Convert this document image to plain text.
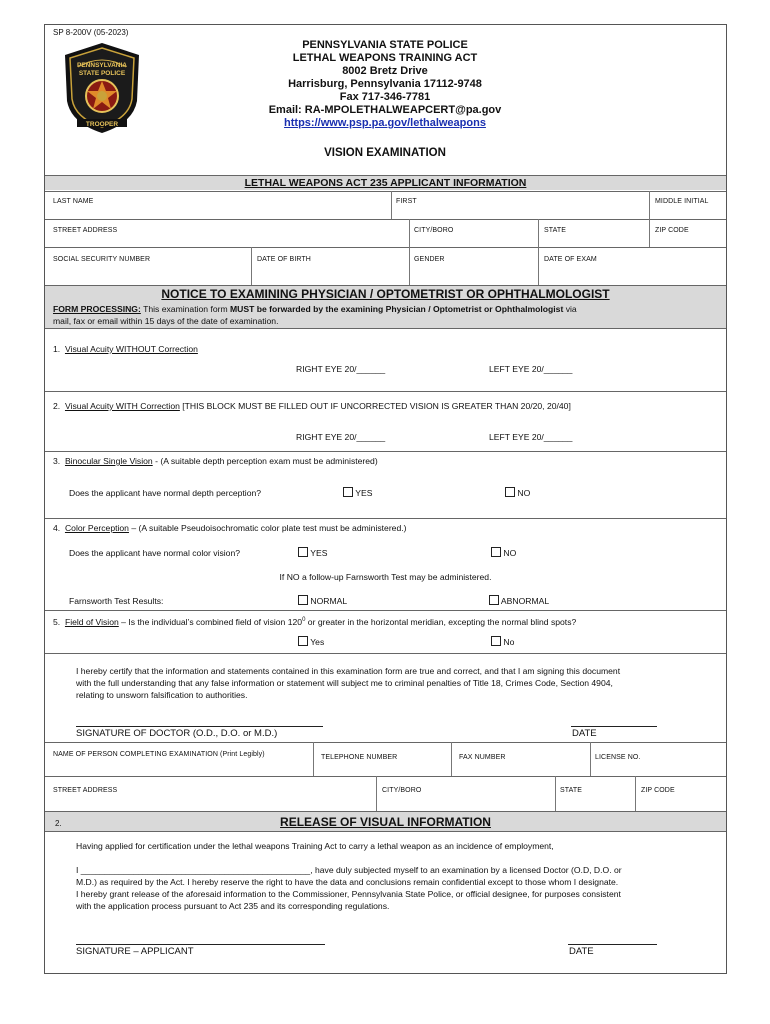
SP 8-200V (05-2023)
PENNSYLVANIA
STATE POLICE
TROOPER
PENNSYLVANIA STATE POLICE
LETHAL WEAPONS TRAINING ACT
8002 Bretz Drive
Harrisburg, Pennsylvania 17112-9748
Fax 717-346-7781
Email: RA-MPOLETHALWEAPCERT@pa.gov
https://www.psp.pa.gov/lethalweapons
VISION EXAMINATION
LETHAL WEAPONS ACT 235 APPLICANT INFORMATION
LAST NAME	FIRST	MIDDLE INITIAL
STREET ADDRESS	CITY/BORO	STATE	ZIP CODE
SOCIAL SECURITY NUMBER	DATE OF BIRTH	GENDER	DATE OF EXAM
NOTICE TO EXAMINING PHYSICIAN / OPTOMETRIST OR OPHTHALMOLOGIST
FORM PROCESSING: This examination form MUST be forwarded by the examining Physician / Optometrist or Ophthalmologist via
mail, fax or email within 15 days of the date of examination.
1. Visual Acuity WITHOUT Correction
RIGHT EYE 20/______	LEFT EYE 20/______
2. Visual Acuity WITH Correction [THIS BLOCK MUST BE FILLED OUT IF UNCORRECTED VISION IS GREATER THAN 20/20, 20/40]
RIGHT EYE 20/______	LEFT EYE 20/______
3. Binocular Single Vision - (A suitable depth perception exam must be administered)
Does the applicant have normal depth perception?	YES	NO
4. Color Perception – (A suitable Pseudoisochromatic color plate test must be administered.)
Does the applicant have normal color vision?	YES	NO
If NO a follow-up Farnsworth Test may be administered.
Farnsworth Test Results:	NORMAL	ABNORMAL
5. Field of Vision – Is the individual’s combined field of vision $120^0$ or greater in the horizontal meridian, excepting the normal blind spots?
Yes	No
I hereby certify that the information and statements contained in this examination form are true and correct, and that I am signing this document
with the full understanding that any false information or statement will subject me to criminal penalties of Title 18, Crimes Code, Section 4904,
relating to unsworn falsification to authorities.
SIGNATURE OF DOCTOR (O.D., D.O. or M.D.)	DATE
NAME OF PERSON COMPLETING EXAMINATION (Print Legibly)	TELEPHONE NUMBER	FAX NUMBER	LICENSE NO.
STREET ADDRESS	CITY/BORO	STATE	ZIP CODE
2.	RELEASE OF VISUAL INFORMATION
Having applied for certification under the lethal weapons Training Act to carry a lethal weapon as an incidence of employment,
I ________________________________________________, have duly subjected myself to an examination by a licensed Doctor (O.D, D.O. or
M.D.) as required by the Act. I hereby reserve the right to have the data and conclusions remain confidential except to those whom I designate.
I hereby grant release of the aforesaid information to the Commissioner, Pennsylvania State Police, or official designee, for purposes consistent
with the application process pursuant to Act 235 and its corresponding regulations.
SIGNATURE – APPLICANT	DATE
